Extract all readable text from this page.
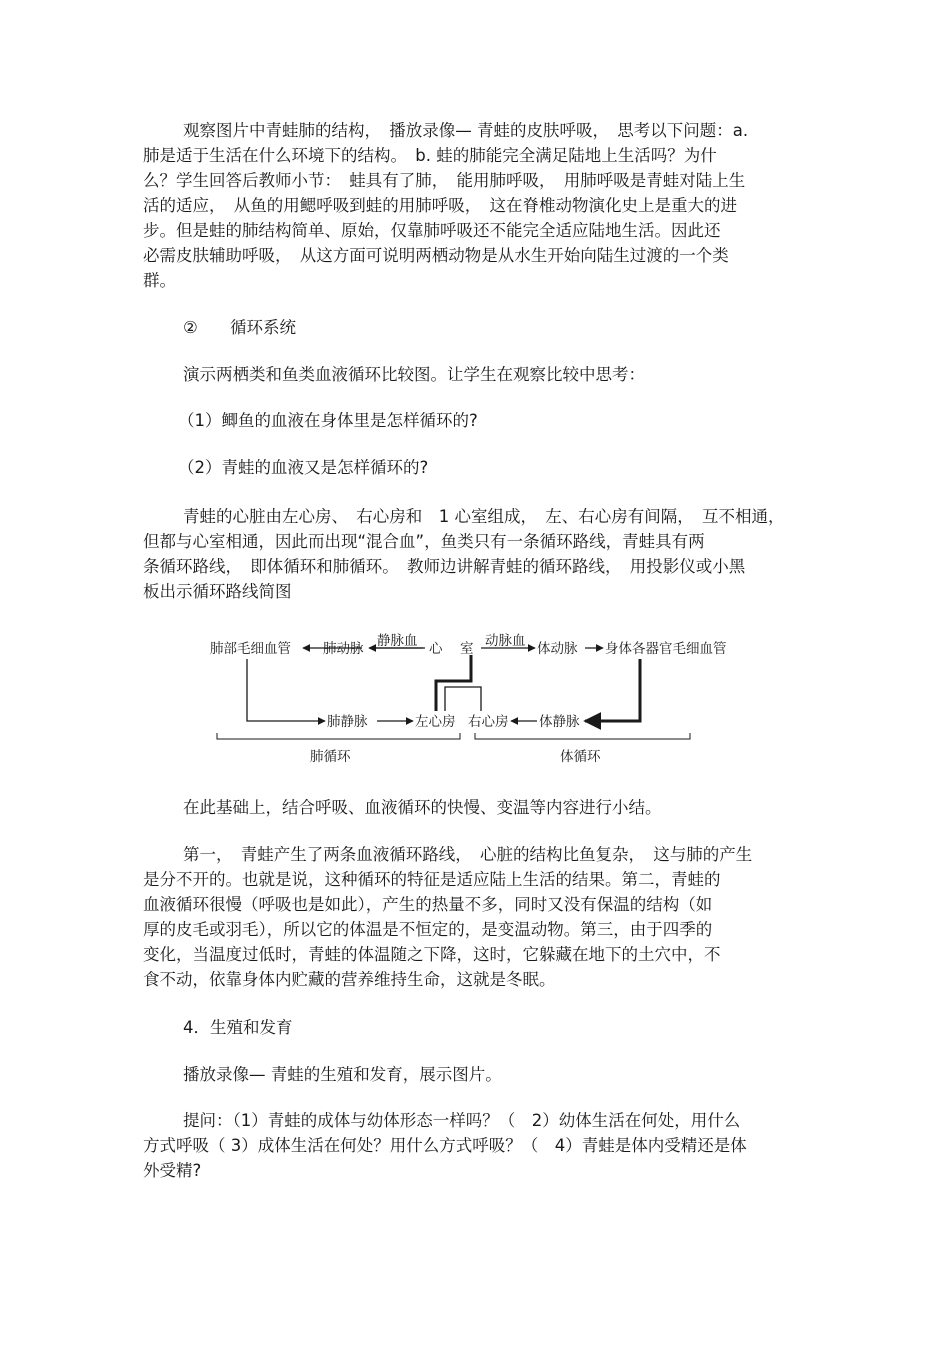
观察图片中青蛙肺的结构，　播放录像— 青蛙的皮肤呼吸，　思考以下问题：a.
肺是适于生活在什么环境下的结构。　b. 蛙的肺能完全满足陆地上生活吗？为什
么？学生回答后教师小节：　蛙具有了肺，　能用肺呼吸，　用肺呼吸是青蛙对陆上生
活的适应，　从鱼的用鳃呼吸到蛙的用肺呼吸，　这在脊椎动物演化史上是重大的进
步。但是蛙的肺结构简单、原始，仅靠肺呼吸还不能完全适应陆地生活。因此还
必需皮肤辅助呼吸，　从这方面可说明两栖动物是从水生开始向陆生过渡的一个类
群。
②	循环系统
演示两栖类和鱼类血液循环比较图。让学生在观察比较中思考：
（1）鲫鱼的血液在身体里是怎样循环的?
（2）青蛙的血液又是怎样循环的?
青蛙的心脏由左心房、　右心房和　1 心室组成，　左、右心房有间隔，　互不相通，
但都与心室相通，因此而出现“混合血”，鱼类只有一条循环路线，青蛙具有两
条循环路线，　即体循环和肺循环。　教师边讲解青蛙的循环路线，　用投影仪或小黑
板出示循环路线简图
肺部毛细血管 肺动脉 静脉血 心 室 动脉血 体动脉 身体各器官毛细血管
肺静脉	左心房 右心房 体静脉
肺循环	体循环
在此基础上，结合呼吸、血液循环的快慢、变温等内容进行小结。
第一，　青蛙产生了两条血液循环路线，　心脏的结构比鱼复杂，　这与肺的产生
是分不开的。也就是说，这种循环的特征是适应陆上生活的结果。第二，青蛙的
血液循环很慢（呼吸也是如此），产生的热量不多，同时又没有保温的结构（如
厚的皮毛或羽毛），所以它的体温是不恒定的，是变温动物。第三，由于四季的
变化，当温度过低时，青蛙的体温随之下降，这时，它躲藏在地下的土穴中，不
食不动，依靠身体内贮藏的营养维持生命，这就是冬眠。
4．生殖和发育
播放录像— 青蛙的生殖和发育，展示图片。
提问：（1）青蛙的成体与幼体形态一样吗？（　2）幼体生活在何处，用什么
方式呼吸（ 3）成体生活在何处？用什么方式呼吸？（　4）青蛙是体内受精还是体
外受精?
